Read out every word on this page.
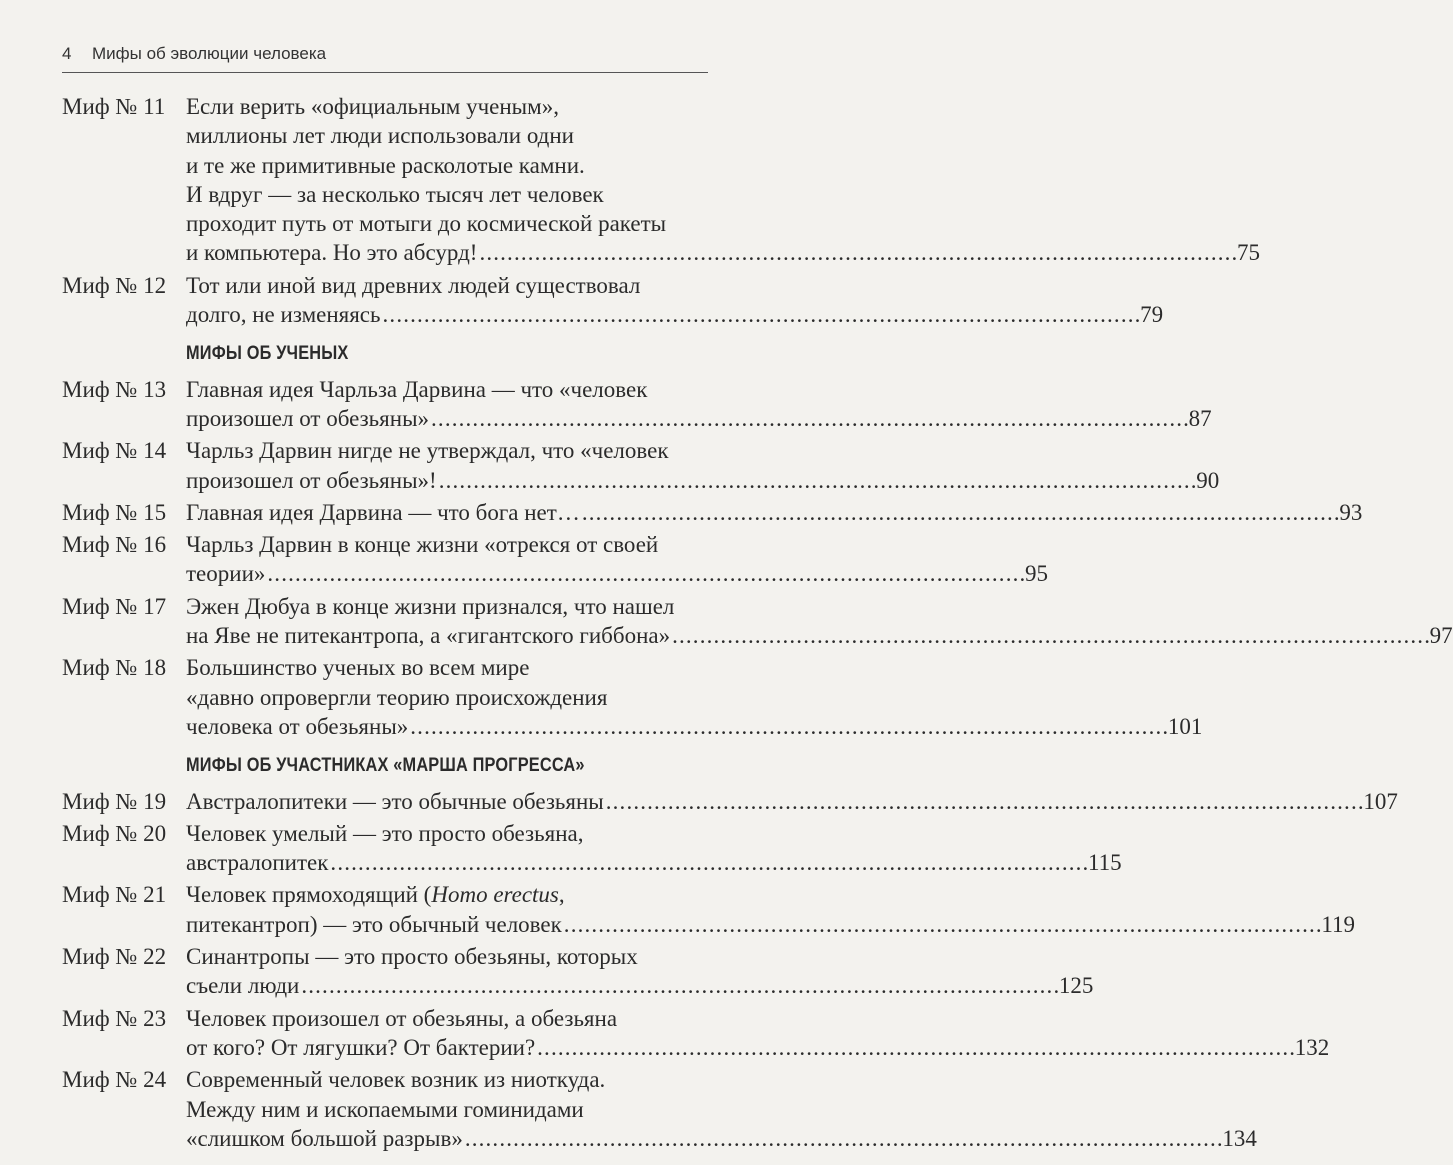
4 Мифы об эволюции человека
Миф № 11 Если верить «официальным ученым»,
миллионы лет люди использовали одни
и те же примитивные расколотые камни.
И вдруг — за несколько тысяч лет человек
проходит путь от мотыги до космической ракеты
и компьютера. Но это абсурд! . . .	75
Миф № 12 Тот или иной вид древних людей существовал
долго, не изменяясь . . .	79
МИФЫ ОБ УЧЕНЫХ
Миф № 13 Главная идея Чарльза Дарвина — что «человек
произошел от обезьяны» . . .	87
Миф № 14 Чарльз Дарвин нигде не утверждал, что «человек
произошел от обезьяны»! . . .	90
Миф № 15 Главная идея Дарвина — что бога нет… . . .	93
Миф № 16 Чарльз Дарвин в конце жизни «отрекся от своей
теории» . . .	95
Миф № 17 Эжен Дюбуа в конце жизни признался, что нашел
на Яве не питекантропа, а «гигантского гиббона» . . .	97
Миф № 18 Большинство ученых во всем мире
«давно опровергли теорию происхождения
человека от обезьяны» . . .	101
МИФЫ ОБ УЧАСТНИКАХ «МАРША ПРОГРЕССА»
Миф № 19 Австралопитеки — это обычные обезьяны . . .	107
Миф № 20 Человек умелый — это просто обезьяна,
австралопитек . . .	115
Миф № 21 Человек прямоходящий (Homo erectus,
питекантроп) — это обычный человек . . .	119
Миф № 22 Синантропы — это просто обезьяны, которых
съели люди . . .	125
Миф № 23 Человек произошел от обезьяны, а обезьяна
от кого? От лягушки? От бактерии? . . .	132
Миф № 24 Современный человек возник из ниоткуда.
Между ним и ископаемыми гоминидами
«слишком большой разрыв» . . .	134
